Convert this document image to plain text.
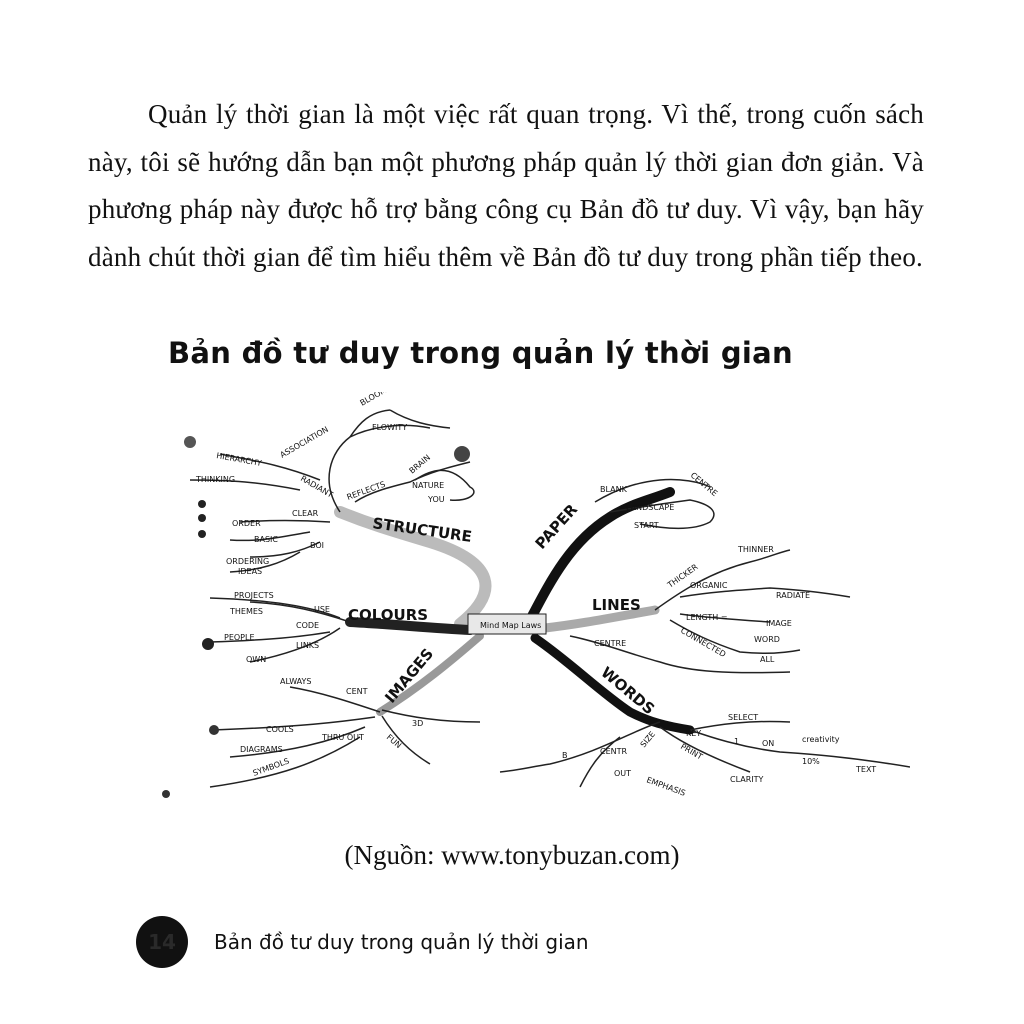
Quản lý thời gian là một việc rất quan trọng. Vì thế, trong cuốn sách này, tôi sẽ hướng dẫn bạn một phương pháp quản lý thời gian đơn giản. Và phương pháp này được hỗ trợ bằng công cụ Bản đồ tư duy. Vì vậy, bạn hãy dành chút thời gian để tìm hiểu thêm về Bản đồ tư duy trong phần tiếp theo.

Bản đồ tư duy trong quản lý thời gian
Mind Map Laws
STRUCTURE	PAPER
COLOURS
LINES
IMAGES	WORDS
ASSOCIATION
BLOOM
FLOWITY
HIERARCHY
THINKING	RADIANT REFLECTS
BRAIN
NATURE
YOU
CLEAR
ORDER
BASIC
ORDERING
IDEAS
BOI
BLANK	CENTRE
LANDSCAPE
START
PROJECTS
THEMES	USE
CODE
PEOPLE
LINKS
OWN
THICKER
THINNER
ORGANIC
RADIATE
LENGTH =
IMAGE
WORD
CONNECTED
ALL
CENTRE
ALWAYS
CENT
COOLS
THRU OUT
DIAGRAMS
SYMBOLS
3D
FUN	KEY
SELECT
1	ON	creativity
SIZE
CENTR	PRINT	10%
TEXT
B
OUT
EMPHASIS	CLARITY
(Nguồn: www.tonybuzan.com)
14	Bản đồ tư duy trong quản lý thời gian
